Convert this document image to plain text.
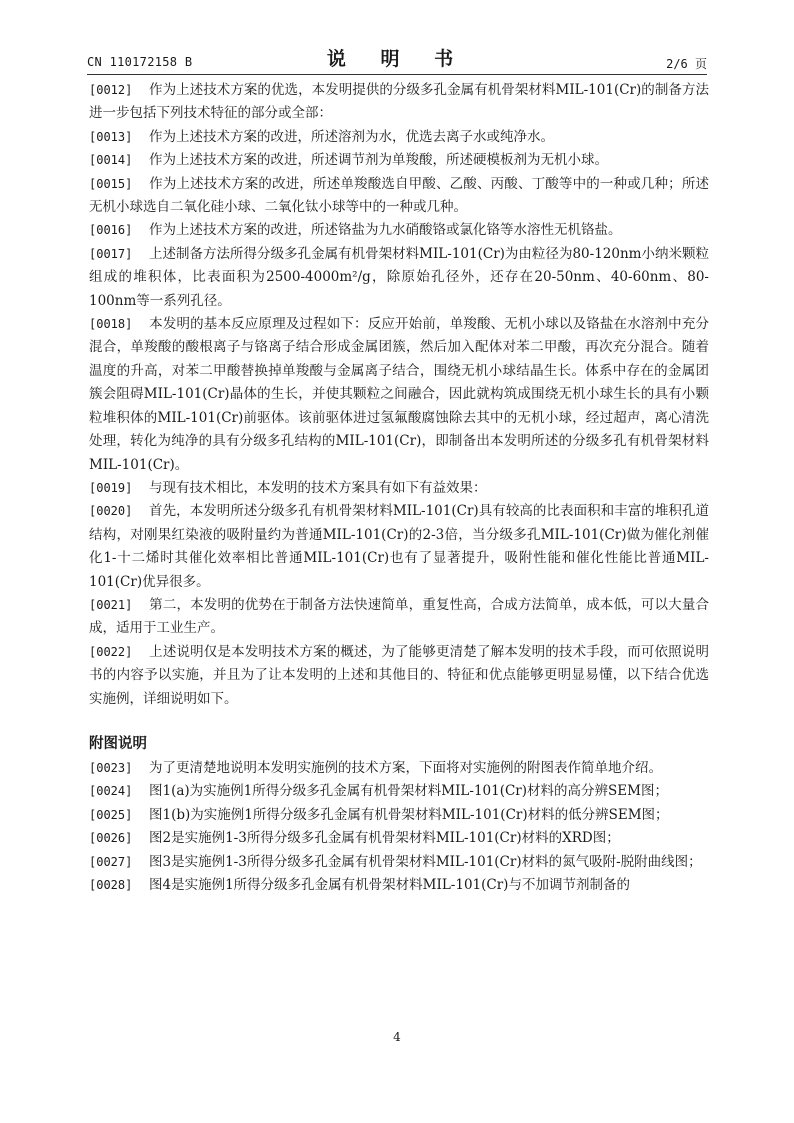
CN 110172158 B	说 明 书	2/6 页
[0012] 作为上述技术方案的优选，本发明提供的分级多孔金属有机骨架材料MIL-101(Cr)的制备方法进一步包括下列技术特征的部分或全部：
[0013] 作为上述技术方案的改进，所述溶剂为水，优选去离子水或纯净水。
[0014] 作为上述技术方案的改进，所述调节剂为单羧酸，所述硬模板剂为无机小球。
[0015] 作为上述技术方案的改进，所述单羧酸选自甲酸、乙酸、丙酸、丁酸等中的一种或几种；所述无机小球选自二氧化硅小球、二氧化钛小球等中的一种或几种。
[0016] 作为上述技术方案的改进，所述铬盐为九水硝酸铬或氯化铬等水溶性无机铬盐。
[0017] 上述制备方法所得分级多孔金属有机骨架材料MIL-101(Cr)为由粒径为80-120nm小纳米颗粒组成的堆积体，比表面积为2500-4000m²/g，除原始孔径外，还存在20-50nm、40-60nm、80-100nm等一系列孔径。
[0018] 本发明的基本反应原理及过程如下：反应开始前，单羧酸、无机小球以及铬盐在水溶剂中充分混合，单羧酸的酸根离子与铬离子结合形成金属团簇，然后加入配体对苯二甲酸，再次充分混合。随着温度的升高，对苯二甲酸替换掉单羧酸与金属离子结合，围绕无机小球结晶生长。体系中存在的金属团簇会阻碍MIL-101(Cr)晶体的生长，并使其颗粒之间融合，因此就构筑成围绕无机小球生长的具有小颗粒堆积体的MIL-101(Cr)前驱体。该前驱体进过氢氟酸腐蚀除去其中的无机小球，经过超声，离心清洗处理，转化为纯净的具有分级多孔结构的MIL-101(Cr)，即制备出本发明所述的分级多孔有机骨架材料MIL-101(Cr)。
[0019] 与现有技术相比，本发明的技术方案具有如下有益效果：
[0020] 首先，本发明所述分级多孔有机骨架材料MIL-101(Cr)具有较高的比表面积和丰富的堆积孔道结构，对刚果红染液的吸附量约为普通MIL-101(Cr)的2-3倍，当分级多孔MIL-101(Cr)做为催化剂催化1-十二烯时其催化效率相比普通MIL-101(Cr)也有了显著提升，吸附性能和催化性能比普通MIL-101(Cr)优异很多。
[0021] 第二，本发明的优势在于制备方法快速简单，重复性高，合成方法简单，成本低，可以大量合成，适用于工业生产。
[0022] 上述说明仅是本发明技术方案的概述，为了能够更清楚了解本发明的技术手段，而可依照说明书的内容予以实施，并且为了让本发明的上述和其他目的、特征和优点能够更明显易懂，以下结合优选实施例，详细说明如下。
附图说明
[0023] 为了更清楚地说明本发明实施例的技术方案，下面将对实施例的附图表作简单地介绍。
[0024] 图1(a)为实施例1所得分级多孔金属有机骨架材料MIL-101(Cr)材料的高分辨SEM图；
[0025] 图1(b)为实施例1所得分级多孔金属有机骨架材料MIL-101(Cr)材料的低分辨SEM图；
[0026] 图2是实施例1-3所得分级多孔金属有机骨架材料MIL-101(Cr)材料的XRD图；
[0027] 图3是实施例1-3所得分级多孔金属有机骨架材料MIL-101(Cr)材料的氮气吸附-脱附曲线图；
[0028] 图4是实施例1所得分级多孔金属有机骨架材料MIL-101(Cr)与不加调节剂制备的
4
